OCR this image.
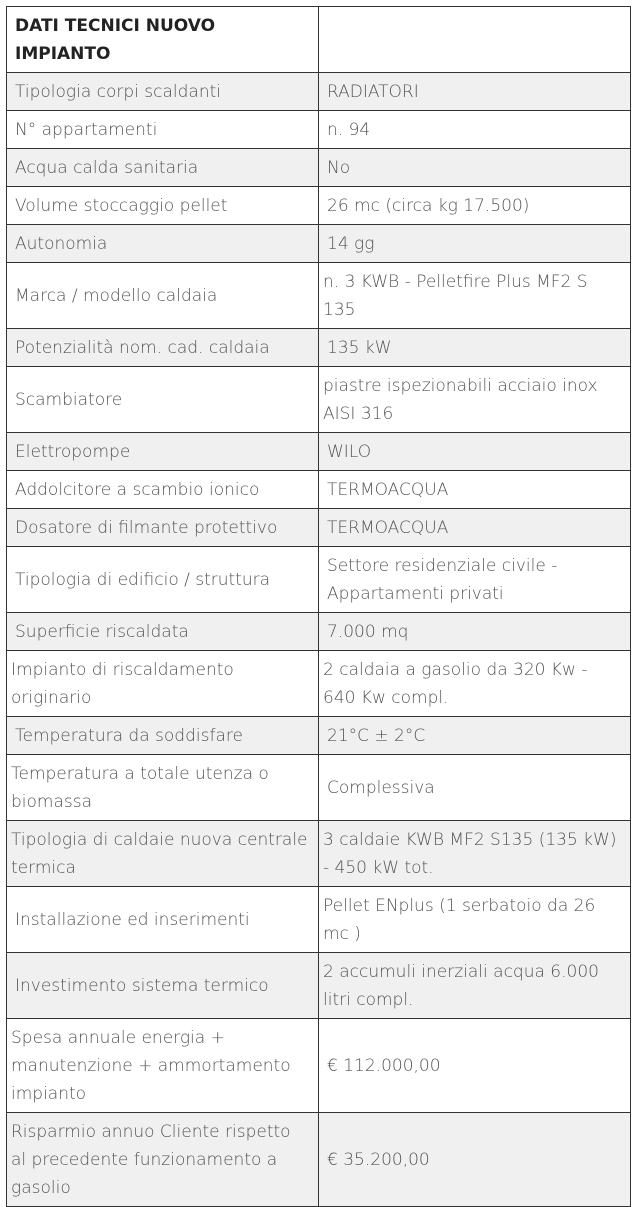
DATI TECNICI NUOVO IMPIANTO	
Tipologia corpi scaldanti	RADIATORI
N° appartamenti	n. 94
Acqua calda sanitaria	No
Volume stoccaggio pellet	26 mc (circa kg 17.500)
Autonomia	14 gg
Marca / modello caldaia	n. 3 KWB - Pelletfire Plus MF2 S 135
Potenzialità nom. cad. caldaia	135 kW
Scambiatore	piastre ispezionabili acciaio inox AISI 316
Elettropompe	WILO
Addolcitore a scambio ionico	TERMOACQUA
Dosatore di filmante protettivo	TERMOACQUA
Tipologia di edificio / struttura	Settore residenziale civile - Appartamenti privati
Superficie riscaldata	7.000 mq
Impianto di riscaldamento originario	2 caldaia a gasolio da 320 Kw - 640 Kw compl.
Temperatura da soddisfare	21°C ± 2°C
Temperatura a totale utenza o biomassa	Complessiva
Tipologia di caldaie nuova centrale termica	3 caldaie KWB MF2 S135 (135 kW) - 450 kW tot.
Installazione ed inserimenti	Pellet ENplus (1 serbatoio da 26 mc )
Investimento sistema termico	2 accumuli inerziali acqua 6.000 litri compl.
Spesa annuale energia + manutenzione + ammortamento impianto	€ 112.000,00
Risparmio annuo Cliente rispetto al precedente funzionamento a gasolio	€ 35.200,00
